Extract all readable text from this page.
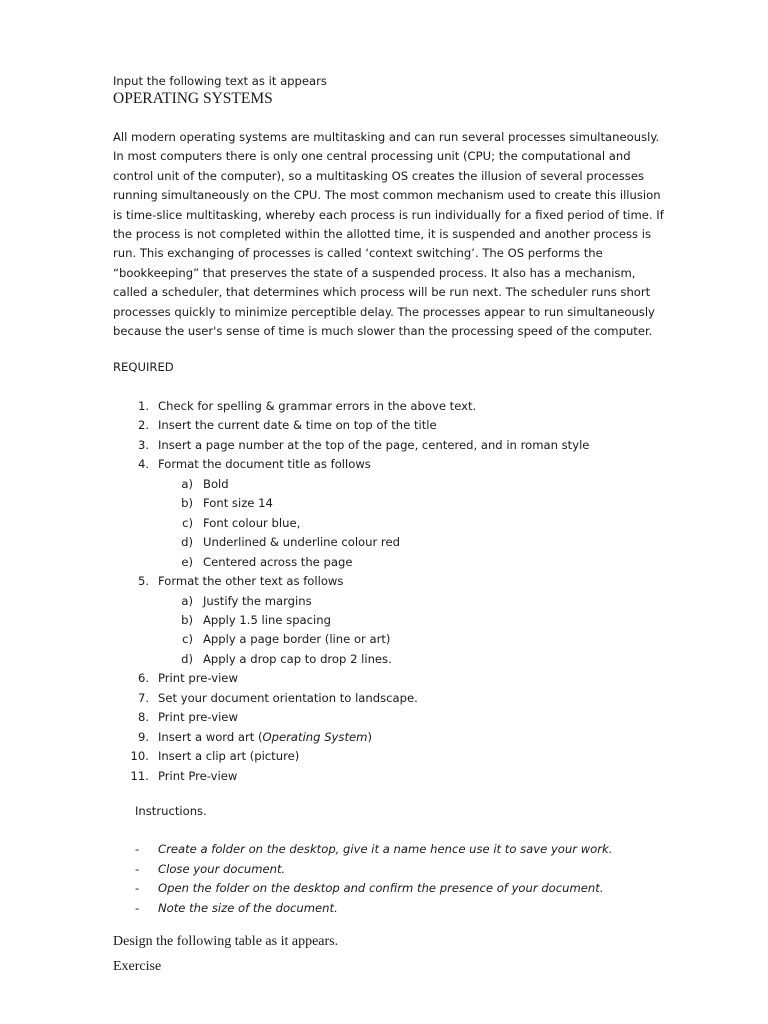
Input the following text as it appears
OPERATING SYSTEMS
All modern operating systems are multitasking and can run several processes simultaneously.
In most computers there is only one central processing unit (CPU; the computational and
control unit of the computer), so a multitasking OS creates the illusion of several processes
running simultaneously on the CPU. The most common mechanism used to create this illusion
is time-slice multitasking, whereby each process is run individually for a fixed period of time. If
the process is not completed within the allotted time, it is suspended and another process is
run. This exchanging of processes is called ‘context switching’. The OS performs the
“bookkeeping” that preserves the state of a suspended process. It also has a mechanism,
called a scheduler, that determines which process will be run next. The scheduler runs short
processes quickly to minimize perceptible delay. The processes appear to run simultaneously
because the user's sense of time is much slower than the processing speed of the computer.
REQUIRED
1. Check for spelling & grammar errors in the above text.
2. Insert the current date & time on top of the title
3. Insert a page number at the top of the page, centered, and in roman style
4. Format the document title as follows
a) Bold
b) Font size 14
c) Font colour blue,
d) Underlined & underline colour red
e) Centered across the page
5. Format the other text as follows
a) Justify the margins
b) Apply 1.5 line spacing
c) Apply a page border (line or art)
d) Apply a drop cap to drop 2 lines.
6. Print pre-view
7. Set your document orientation to landscape.
8. Print pre-view
9. Insert a word art (Operating System)
10. Insert a clip art (picture)
11. Print Pre-view
Instructions.
- Create a folder on the desktop, give it a name hence use it to save your work.
- Close your document.
- Open the folder on the desktop and confirm the presence of your document.
- Note the size of the document.
Design the following table as it appears.
Exercise
